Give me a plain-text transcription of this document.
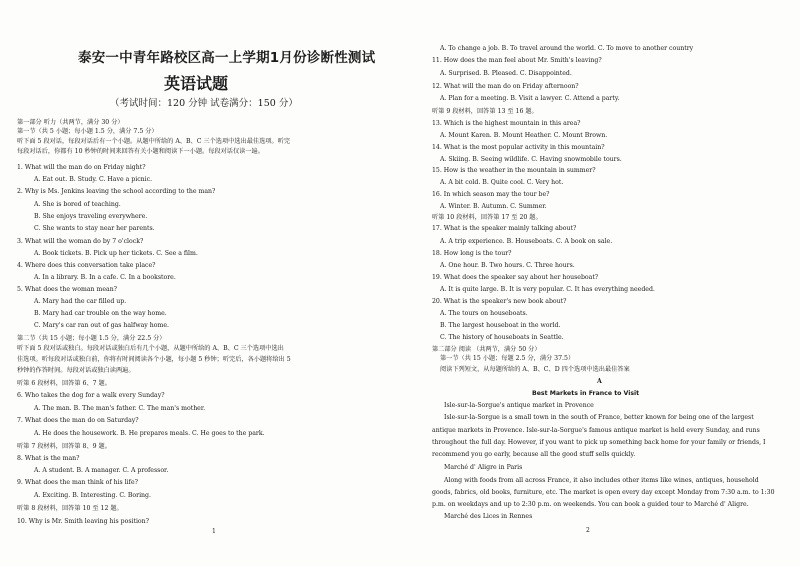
泰安一中青年路校区高一上学期1月份诊断性测试
英语试题
（考试时间：120 分钟 试卷满分：150 分）
第一部分 听力（共两节，满分 30 分）
第一节（共 5 小题；每小题 1.5 分，满分 7.5 分）
听下面 5 段对话，每段对话后有一个小题。从题中所给的 A、B、C 三个选项中选出最佳选项。听完
每段对话后，你都有 10 秒钟的时间来回答有关小题和阅读下一小题。每段对话仅读一遍。
1. What will the man do on Friday night?
A. Eat out. B. Study. C. Have a picnic.
2. Why is Ms. Jenkins leaving the school according to the man?
A. She is bored of teaching.
B. She enjoys traveling everywhere.
C. She wants to stay near her parents.
3. What will the woman do by 7 o'clock?
A. Book tickets. B. Pick up her tickets. C. See a film.
4. Where does this conversation take place?
A. In a library. B. In a cafe. C. In a bookstore.
5. What does the woman mean?
A. Mary had the car filled up.
B. Mary had car trouble on the way home.
C. Mary's car ran out of gas halfway home.
第二节（共 15 小题；每小题 1.5 分，满分 22.5 分）
听下面 5 段对话或独白。每段对话或独白后有几个小题，从题中所给的 A、B、C 三个选项中选出
佳选项。听每段对话或独白前，你将有时间阅读各个小题，每小题 5 秒钟；听完后，各小题将给出 5
秒钟的作答时间。每段对话或独白读两遍。
听第 6 段材料，回答第 6、7 题。
6. Who takes the dog for a walk every Sunday?
A. The man. B. The man's father. C. The man's mother.
7. What does the man do on Saturday?
A. He does the housework. B. He prepares meals. C. He goes to the park.
听第 7 段材料，回答第 8、9 题。
8. What is the man?
A. A student. B. A manager. C. A professor.
9. What does the man think of his life?
A. Exciting. B. Interesting. C. Boring.
听第 8 段材料，回答第 10 至 12 题。
10. Why is Mr. Smith leaving his position?
1
A. To change a job. B. To travel around the world. C. To move to another country
11. How does the man feel about Mr. Smith's leaving?
A. Surprised. B. Pleased. C. Disappointed.
12. What will the man do on Friday afternoon?
A. Plan for a meeting. B. Visit a lawyer. C. Attend a party.
听第 9 段材料，回答第 13 至 16 题。
13. Which is the highest mountain in this area?
A. Mount Karen. B. Mount Heather. C. Mount Brown.
14. What is the most popular activity in this mountain?
A. Skiing. B. Seeing wildlife. C. Having snowmobile tours.
15. How is the weather in the mountain in summer?
A. A bit cold. B. Quite cool. C. Very hot.
16. In which season may the tour be?
A. Winter. B. Autumn. C. Summer.
听第 10 段材料，回答第 17 至 20 题。
17. What is the speaker mainly talking about?
A. A trip experience. B. Houseboats. C. A book on sale.
18. How long is the tour?
A. One hour. B. Two hours. C. Three hours.
19. What does the speaker say about her houseboat?
A. It is quite large. B. It is very popular. C. It has everything needed.
20. What is the speaker's new book about?
A. The tours on houseboats.
B. The largest houseboat in the world.
C. The history of houseboats in Seattle.
第二部分 阅读 （共两节，满分 50 分）
第一节（共 15 小题；每题 2.5 分，满分 37.5）
阅读下列短文，从每题所给的 A、B、C、D 四个选项中选出最佳答案
A
Best Markets in France to Visit
Isle-sur-la-Sorgue's antique market in Provence
Isle-sur-la-Sorgue is a small town in the south of France, better known for being one of the largest
antique markets in Provence. Isle-sur-la-Sorgue's famous antique market is held every Sunday, and runs
throughout the full day. However, if you want to pick up something back home for your family or friends, I
recommend you go early, because all the good stuff sells quickly.
Marché d' Aligre in Paris
Along with foods from all across France, it also includes other items like wines, antiques, household
goods, fabrics, old books, furniture, etc. The market is open every day except Monday from 7:30 a.m. to 1:30
p.m. on weekdays and up to 2:30 p.m. on weekends. You can book a guided tour to Marché d' Aligre.
Marché des Lices in Rennes
2
